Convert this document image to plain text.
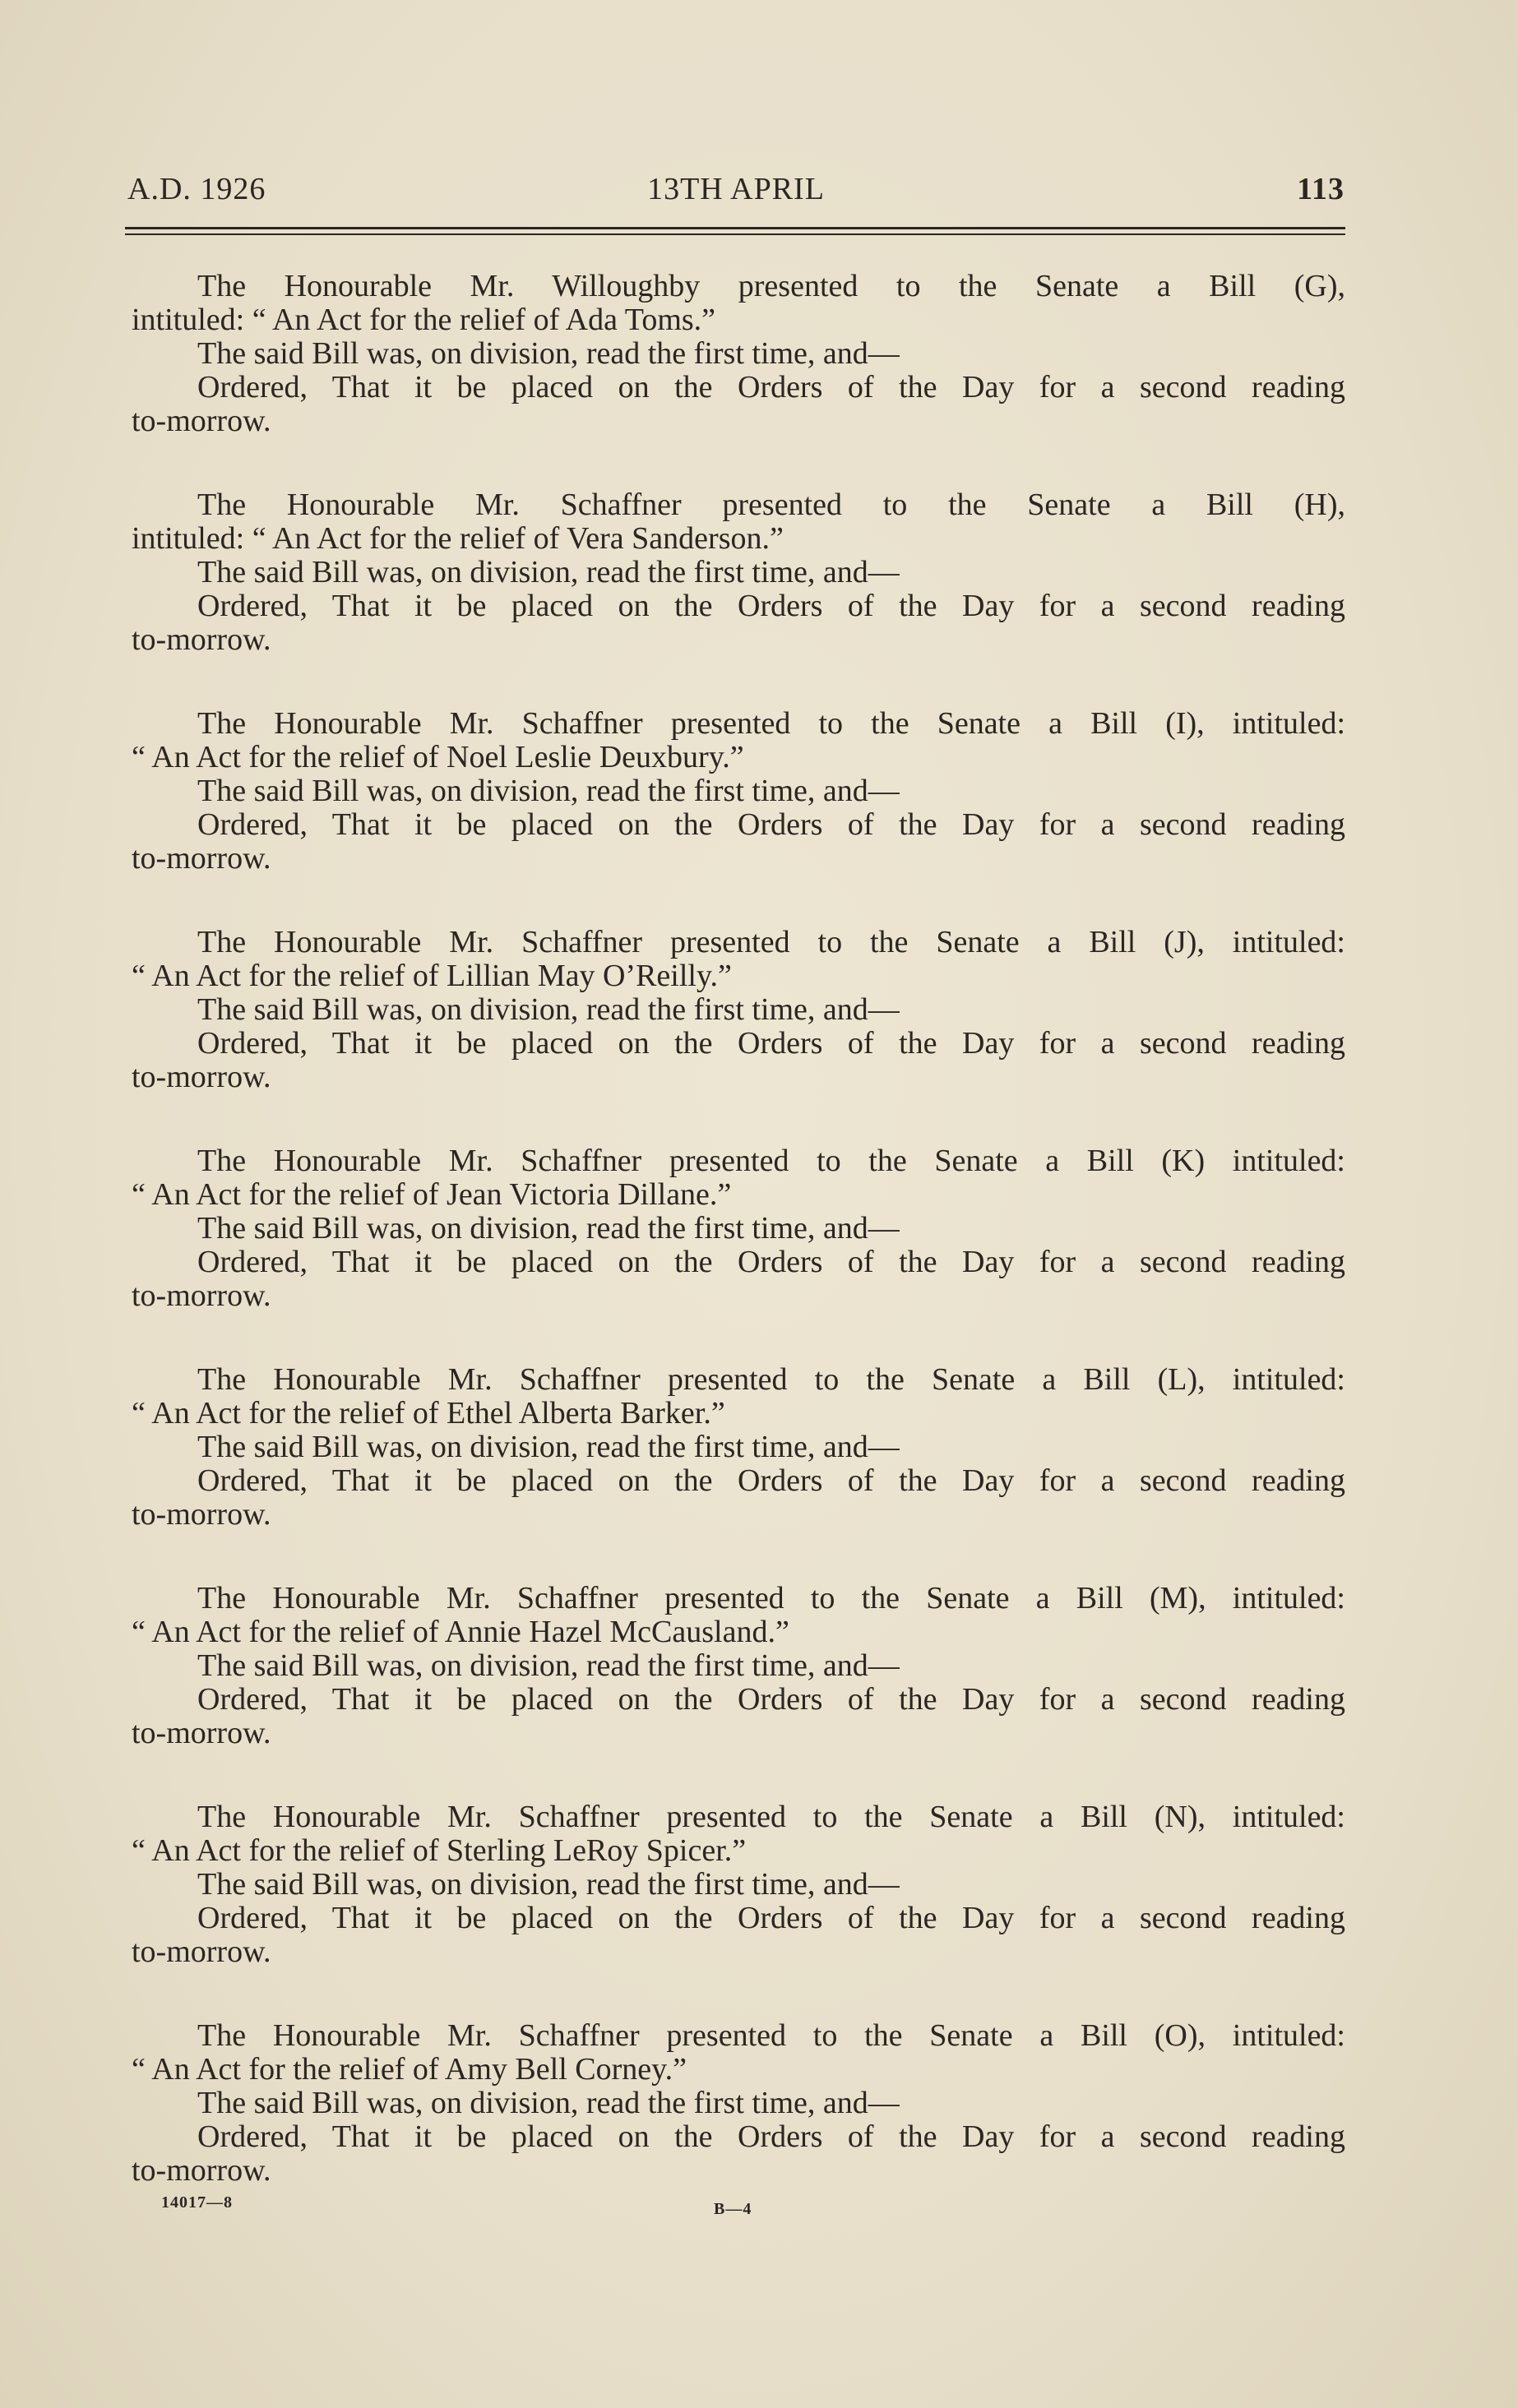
A.D. 1926	13TH APRIL	113
The Honourable Mr. Willoughby presented to the Senate a Bill (G),
intituled: “ An Act for the relief of Ada Toms.”
The said Bill was, on division, read the first time, and—
Ordered, That it be placed on the Orders of the Day for a second reading
to-morrow.
The Honourable Mr. Schaffner presented to the Senate a Bill (H),
intituled: “ An Act for the relief of Vera Sanderson.”
The said Bill was, on division, read the first time, and—
Ordered, That it be placed on the Orders of the Day for a second reading
to-morrow.
The Honourable Mr. Schaffner presented to the Senate a Bill (I), intituled:
“ An Act for the relief of Noel Leslie Deuxbury.”
The said Bill was, on division, read the first time, and—
Ordered, That it be placed on the Orders of the Day for a second reading
to-morrow.
The Honourable Mr. Schaffner presented to the Senate a Bill (J), intituled:
“ An Act for the relief of Lillian May O’Reilly.”
The said Bill was, on division, read the first time, and—
Ordered, That it be placed on the Orders of the Day for a second reading
to-morrow.
The Honourable Mr. Schaffner presented to the Senate a Bill (K) intituled:
“ An Act for the relief of Jean Victoria Dillane.”
The said Bill was, on division, read the first time, and—
Ordered, That it be placed on the Orders of the Day for a second reading
to-morrow.
The Honourable Mr. Schaffner presented to the Senate a Bill (L), intituled:
“ An Act for the relief of Ethel Alberta Barker.”
The said Bill was, on division, read the first time, and—
Ordered, That it be placed on the Orders of the Day for a second reading
to-morrow.
The Honourable Mr. Schaffner presented to the Senate a Bill (M), intituled:
“ An Act for the relief of Annie Hazel McCausland.”
The said Bill was, on division, read the first time, and—
Ordered, That it be placed on the Orders of the Day for a second reading
to-morrow.
The Honourable Mr. Schaffner presented to the Senate a Bill (N), intituled:
“ An Act for the relief of Sterling LeRoy Spicer.”
The said Bill was, on division, read the first time, and—
Ordered, That it be placed on the Orders of the Day for a second reading
to-morrow.
The Honourable Mr. Schaffner presented to the Senate a Bill (O), intituled:
“ An Act for the relief of Amy Bell Corney.”
The said Bill was, on division, read the first time, and—
Ordered, That it be placed on the Orders of the Day for a second reading
to-morrow.
14017—8	B—4
